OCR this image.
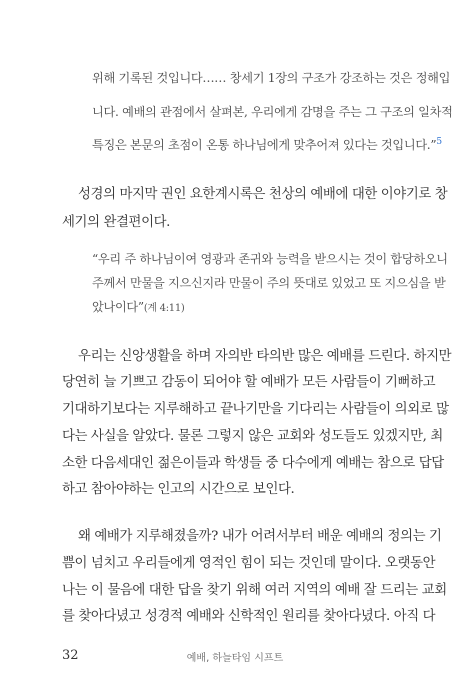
위해 기록된 것입니다…… 창세기 1장의 구조가 강조하는 것은 정해입
니다. 예배의 관점에서 살펴본, 우리에게 감명을 주는 그 구조의 일차적
특징은 본문의 초점이 온통 하나님에게 맞추어져 있다는 것입니다.”$^5$
성경의 마지막 권인 요한계시록은 천상의 예배에 대한 이야기로 창
세기의 완결편이다.
“우리 주 하나님이여 영광과 존귀와 능력을 받으시는 것이 합당하오니
주께서 만물을 지으신지라 만물이 주의 뜻대로 있었고 또 지으심을 받
았나이다”(계 4:11)
우리는 신앙생활을 하며 자의반 타의반 많은 예배를 드린다. 하지만
당연히 늘 기쁘고 감동이 되어야 할 예배가 모든 사람들이 기뻐하고
기대하기보다는 지루해하고 끝나기만을 기다리는 사람들이 의외로 많
다는 사실을 알았다. 물론 그렇지 않은 교회와 성도들도 있겠지만, 최
소한 다음세대인 젊은이들과 학생들 중 다수에게 예배는 참으로 답답
하고 참아야하는 인고의 시간으로 보인다.
왜 예배가 지루해졌을까? 내가 어려서부터 배운 예배의 정의는 기
쁨이 넘치고 우리들에게 영적인 힘이 되는 것인데 말이다. 오랫동안
나는 이 물음에 대한 답을 찾기 위해 여러 지역의 예배 잘 드리는 교회
를 찾아다녔고 성경적 예배와 신학적인 원리를 찾아다녔다. 아직 다
32	예배, 하늘타임 시프트
